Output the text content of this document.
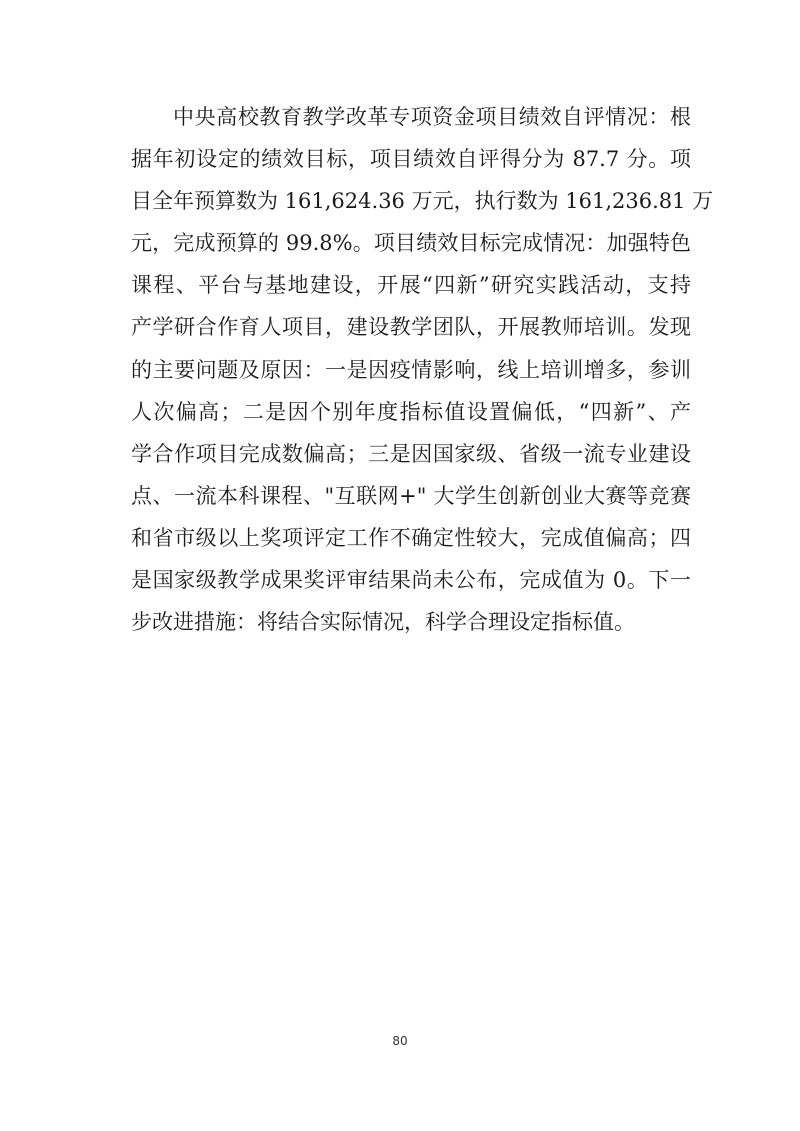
中央高校教育教学改革专项资金项目绩效自评情况：根
据年初设定的绩效目标，项目绩效自评得分为 87.7 分。项
目全年预算数为 161,624.36 万元，执行数为 161,236.81 万
元，完成预算的 99.8%。项目绩效目标完成情况：加强特色
课程、平台与基地建设，开展“四新”研究实践活动，支持
产学研合作育人项目，建设教学团队，开展教师培训。发现
的主要问题及原因：一是因疫情影响，线上培训增多，参训
人次偏高；二是因个别年度指标值设置偏低，“四新”、产
学合作项目完成数偏高；三是因国家级、省级一流专业建设
点、一流本科课程、"互联网+" 大学生创新创业大赛等竞赛
和省市级以上奖项评定工作不确定性较大，完成值偏高；四
是国家级教学成果奖评审结果尚未公布，完成值为 0。下一
步改进措施：将结合实际情况，科学合理设定指标值。
80
